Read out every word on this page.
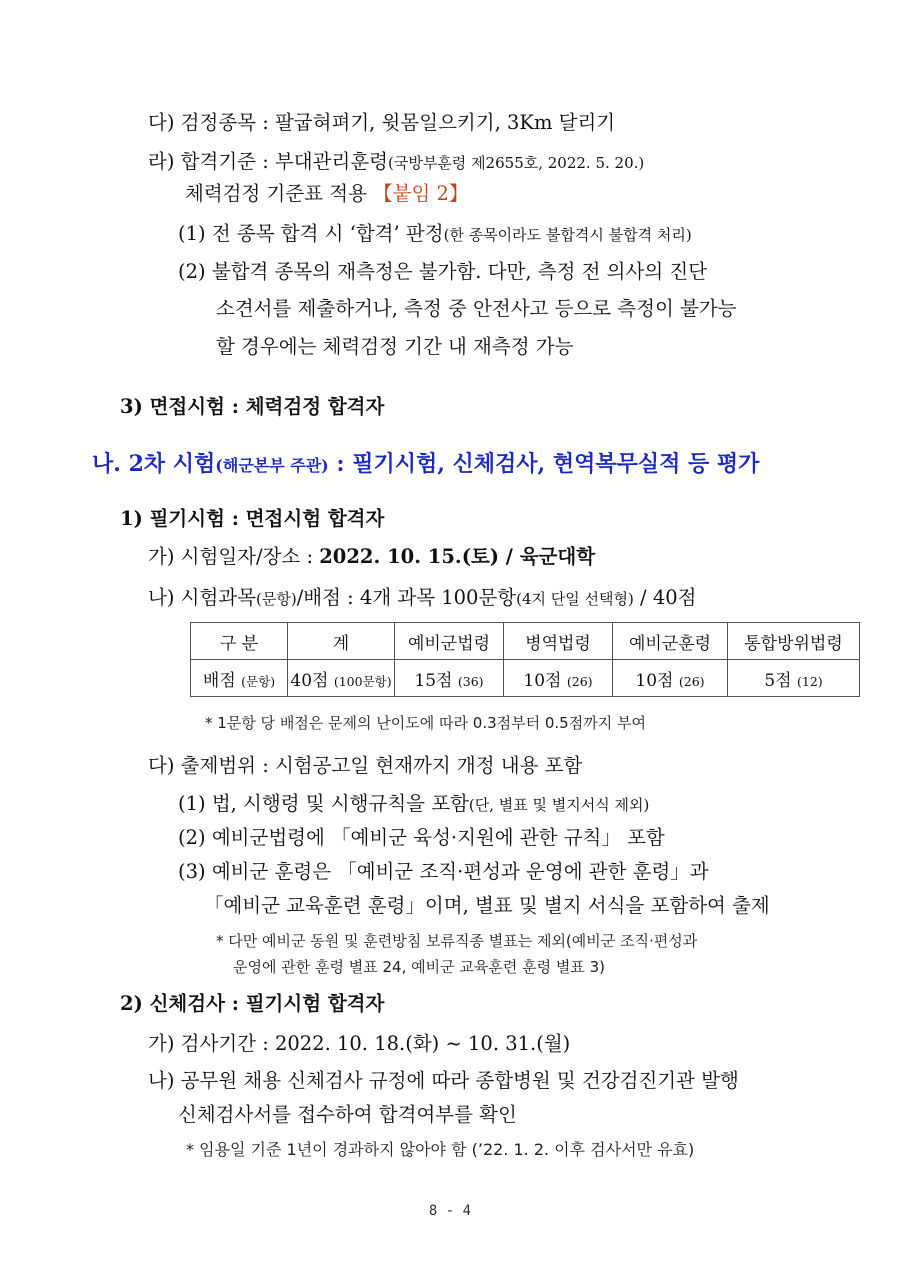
다) 검정종목 : 팔굽혀펴기, 윗몸일으키기, 3Km 달리기
라) 합격기준 : 부대관리훈령(국방부훈령 제2655호, 2022. 5. 20.)
체력검정 기준표 적용 【붙임 2】
(1) 전 종목 합격 시 ‘합격’ 판정(한 종목이라도 불합격시 불합격 처리)
(2) 불합격 종목의 재측정은 불가함. 다만, 측정 전 의사의 진단
소견서를 제출하거나, 측정 중 안전사고 등으로 측정이 불가능
할 경우에는 체력검정 기간 내 재측정 가능
3) 면접시험 : 체력검정 합격자
나. 2차 시험(해군본부 주관) : 필기시험, 신체검사, 현역복무실적 등 평가
1) 필기시험 : 면접시험 합격자
가) 시험일자/장소 : 2022. 10. 15.(토) / 육군대학
나) 시험과목(문항)/배점 : 4개 과목 100문항(4지 단일 선택형) / 40점
구 분	계	예비군법령	병역법령	예비군훈령	통합방위법령
배점 (문항)	40점 (100문항)	15점 (36)	10점 (26)	10점 (26)	5점 (12)
* 1문항 당 배점은 문제의 난이도에 따라 0.3점부터 0.5점까지 부여
다) 출제범위 : 시험공고일 현재까지 개정 내용 포함
(1) 법, 시행령 및 시행규칙을 포함(단, 별표 및 별지서식 제외)
(2) 예비군법령에 「예비군 육성·지원에 관한 규칙」 포함
(3) 예비군 훈령은 「예비군 조직·편성과 운영에 관한 훈령」과
「예비군 교육훈련 훈령」이며, 별표 및 별지 서식을 포함하여 출제
* 다만 예비군 동원 및 훈련방침 보류직종 별표는 제외(예비군 조직·편성과
운영에 관한 훈령 별표 24, 예비군 교육훈련 훈령 별표 3)
2) 신체검사 : 필기시험 합격자
가) 검사기간 : 2022. 10. 18.(화) ~ 10. 31.(월)
나) 공무원 채용 신체검사 규정에 따라 종합병원 및 건강검진기관 발행
신체검사서를 접수하여 합격여부를 확인
* 임용일 기준 1년이 경과하지 않아야 함 (’22. 1. 2. 이후 검사서만 유효)
8 - 4
